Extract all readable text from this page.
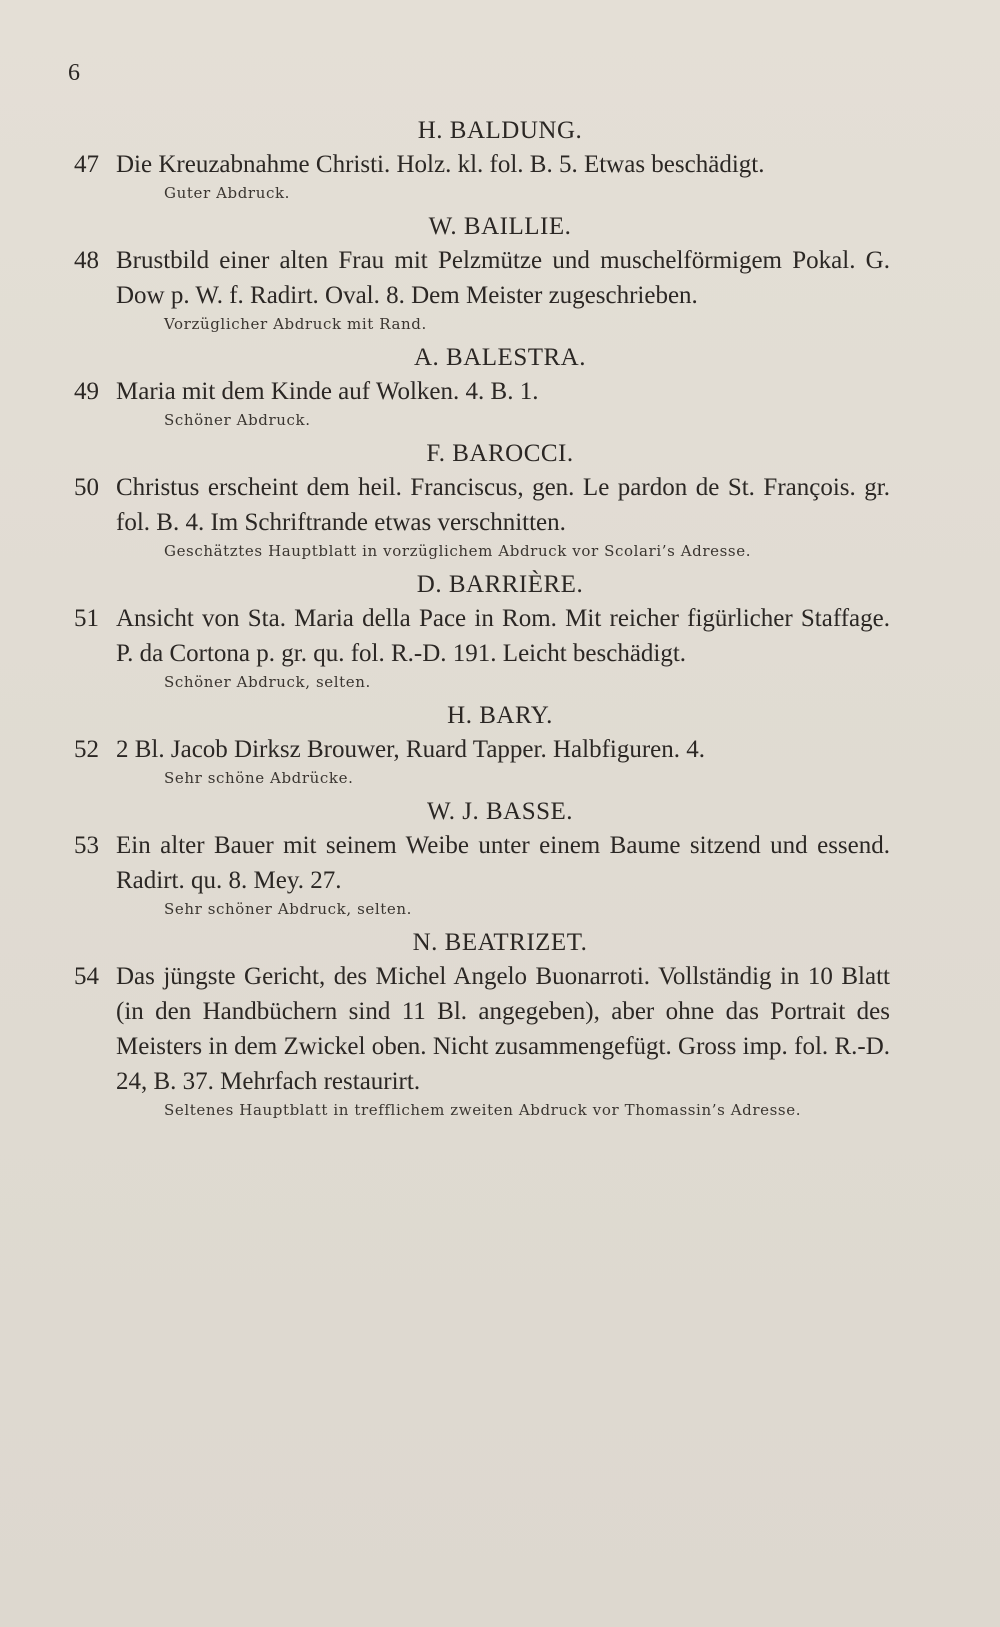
6
H. BALDUNG.
47 Die Kreuzabnahme Christi. Holz. kl. fol. B. 5. Etwas beschädigt.
Guter Abdruck.
W. BAILLIE.
48 Brustbild einer alten Frau mit Pelzmütze und muschelförmigem Pokal. G. Dow p. W. f. Radirt. Oval. 8. Dem Meister zugeschrieben.
Vorzüglicher Abdruck mit Rand.
A. BALESTRA.
49 Maria mit dem Kinde auf Wolken. 4. B. 1.
Schöner Abdruck.
F. BAROCCI.
50 Christus erscheint dem heil. Franciscus, gen. Le pardon de St. François. gr. fol. B. 4. Im Schriftrande etwas verschnitten.
Geschätztes Hauptblatt in vorzüglichem Abdruck vor Scolari’s Adresse.
D. BARRIÈRE.
51 Ansicht von Sta. Maria della Pace in Rom. Mit reicher figürlicher Staffage. P. da Cortona p. gr. qu. fol. R.-D. 191. Leicht beschädigt.
Schöner Abdruck, selten.
H. BARY.
52 2 Bl. Jacob Dirksz Brouwer, Ruard Tapper. Halbfiguren. 4.
Sehr schöne Abdrücke.
W. J. BASSE.
53 Ein alter Bauer mit seinem Weibe unter einem Baume sitzend und essend. Radirt. qu. 8. Mey. 27.
Sehr schöner Abdruck, selten.
N. BEATRIZET.
54 Das jüngste Gericht, des Michel Angelo Buonarroti. Vollständig in 10 Blatt (in den Handbüchern sind 11 Bl. angegeben), aber ohne das Portrait des Meisters in dem Zwickel oben. Nicht zusammengefügt. Gross imp. fol. R.-D. 24, B. 37. Mehrfach restaurirt.
Seltenes Hauptblatt in trefflichem zweiten Abdruck vor Thomassin’s Adresse.
